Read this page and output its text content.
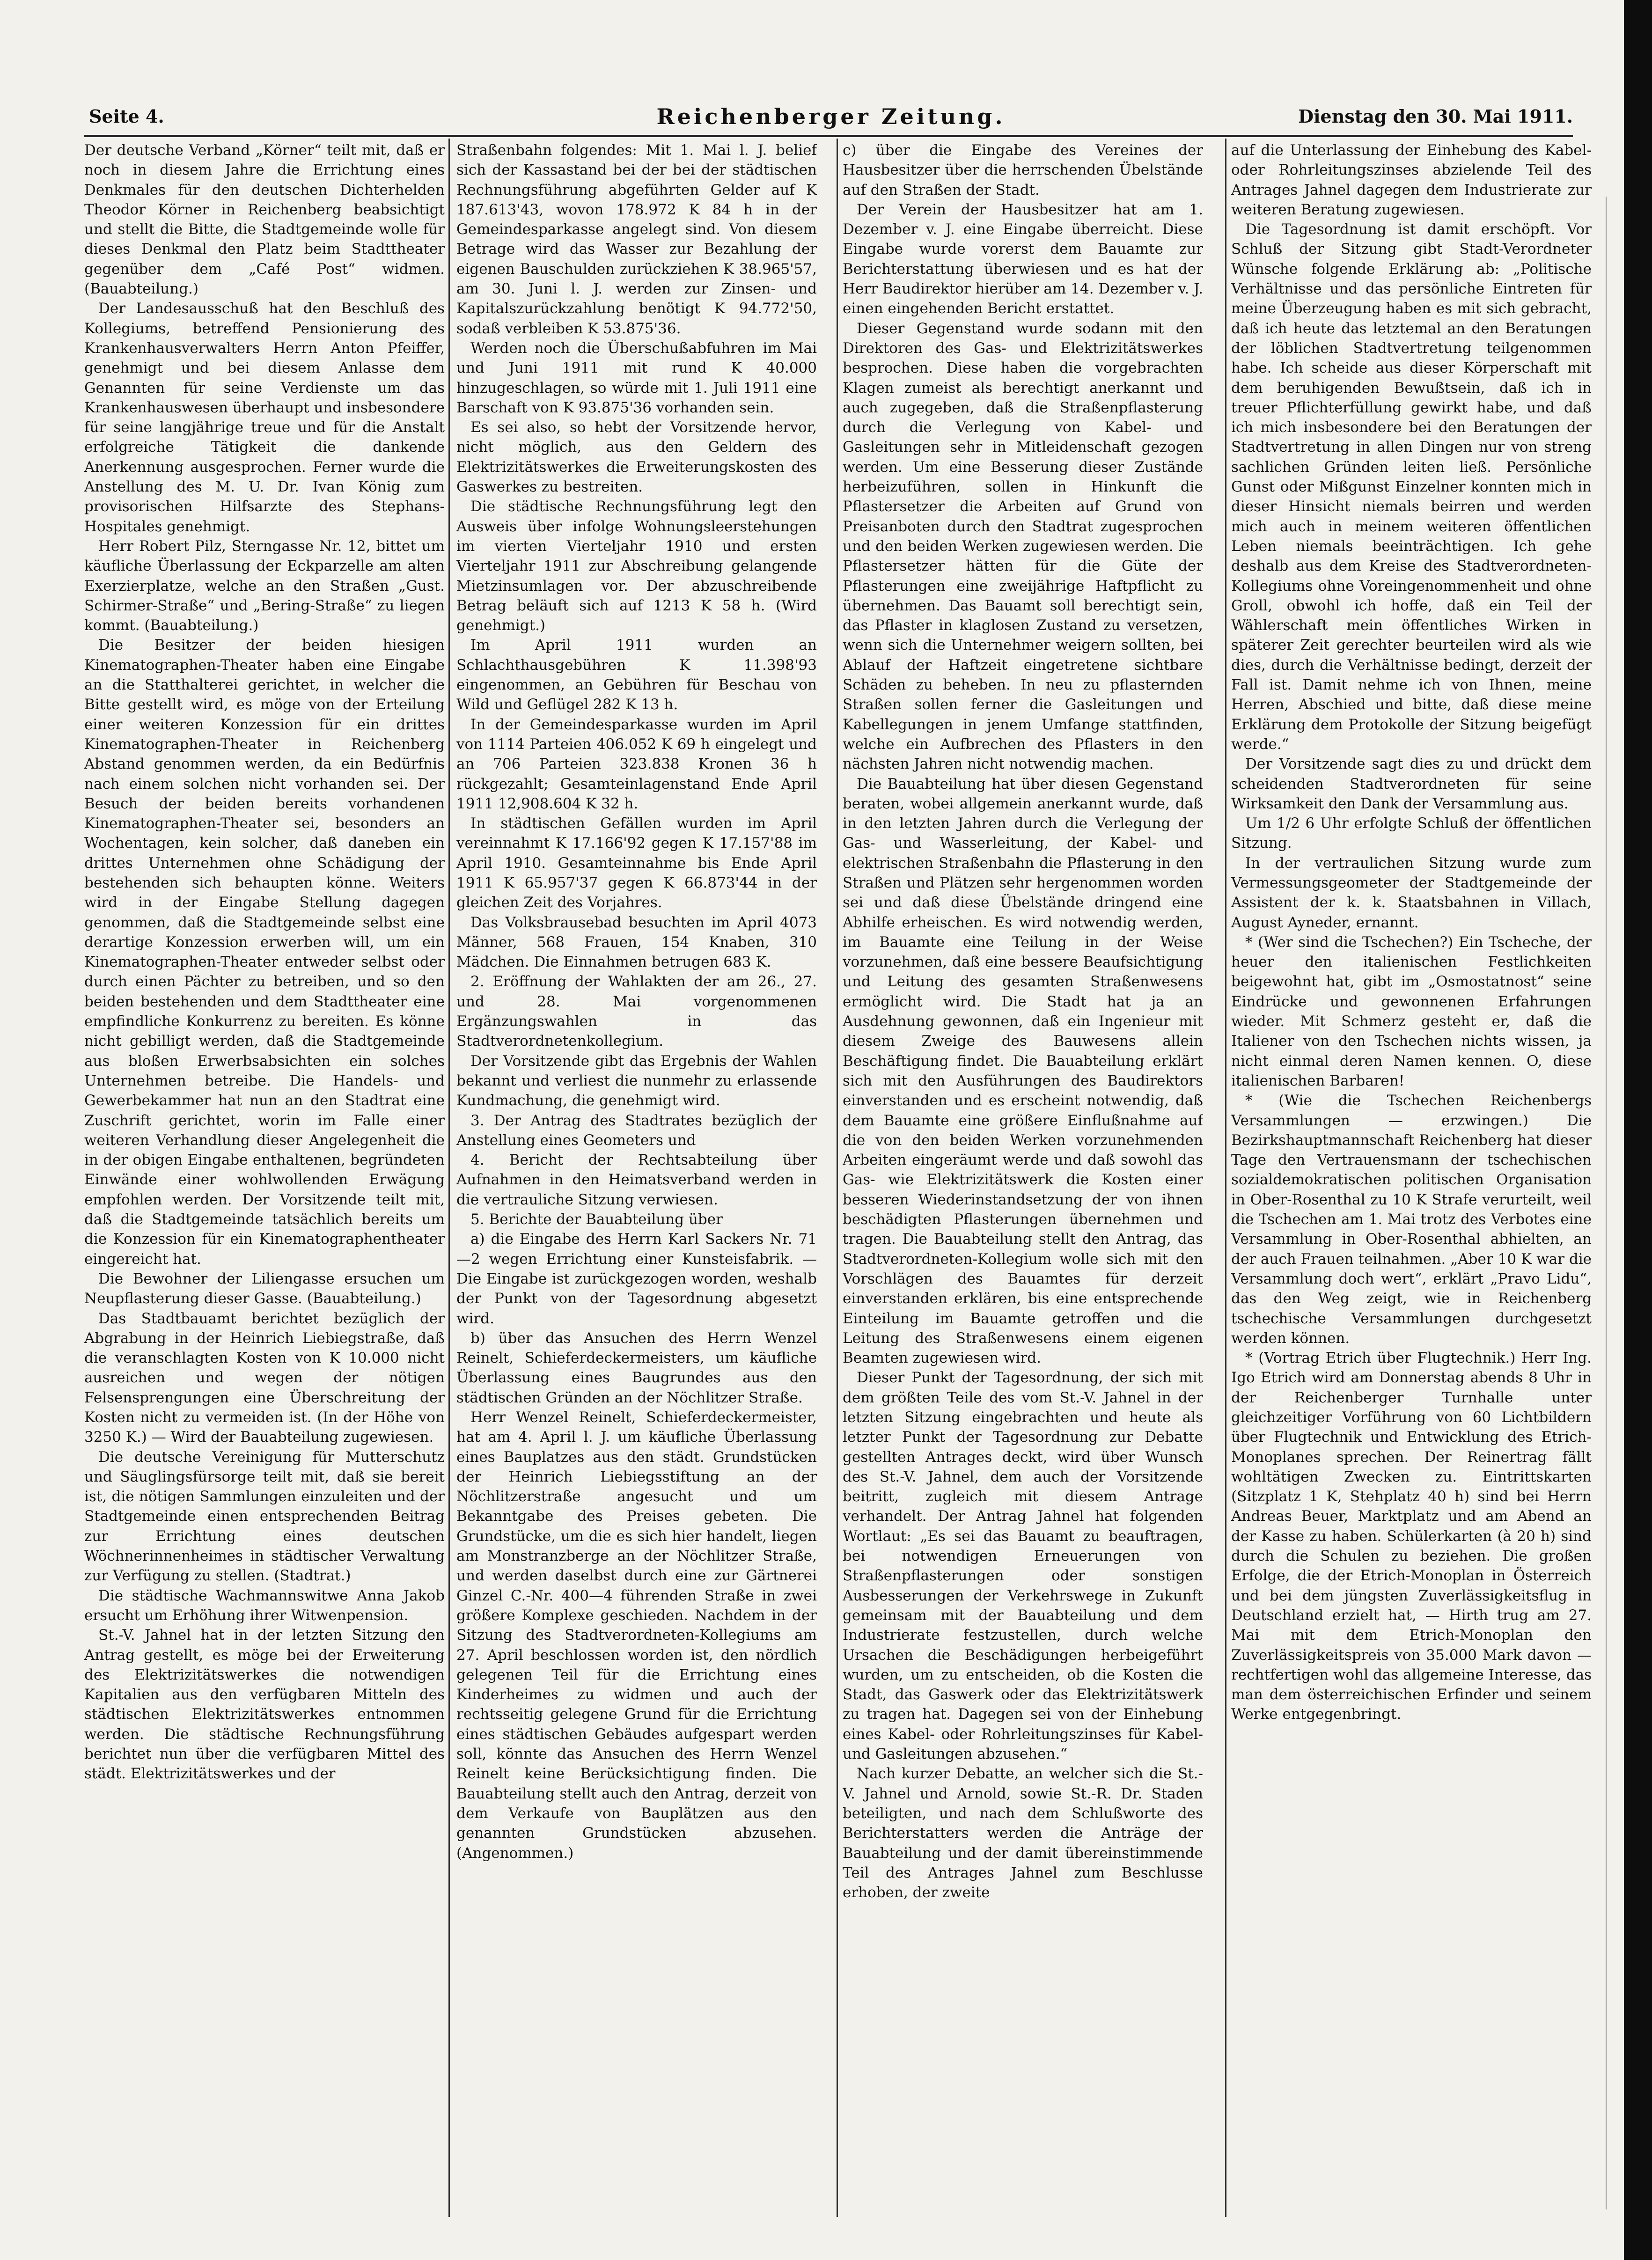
Seite 4.	Reichenberger Zeitung.	Dienstag den 30. Mai 1911.

Der deutsche Verband „Körner“ teilt mit, daß er noch in diesem Jahre die Errichtung eines Denkmales für den deutschen Dichterhelden Theodor Körner in Reichenberg beabsichtigt und stellt die Bitte, die Stadtgemeinde wolle für dieses Denkmal den Platz beim Stadttheater gegenüber dem „Café Post“ widmen. (Bauabteilung.)

Der Landesausschuß hat den Beschluß des Kollegiums, betreffend Pensionierung des Krankenhausverwalters Herrn Anton Pfeiffer, genehmigt und bei diesem Anlasse dem Genannten für seine Verdienste um das Krankenhauswesen überhaupt und insbesondere für seine langjährige treue und für die Anstalt erfolgreiche Tätigkeit die dankende Anerkennung ausgesprochen. Ferner wurde die Anstellung des M. U. Dr. Ivan König zum provisorischen Hilfsarzte des Stephans-Hospitales genehmigt.

Herr Robert Pilz, Sterngasse Nr. 12, bittet um käufliche Überlassung der Eckparzelle am alten Exerzierplatze, welche an den Straßen „Gust. Schirmer-Straße“ und „Bering-Straße“ zu liegen kommt. (Bauabteilung.)

Die Besitzer der beiden hiesigen Kinematographen-Theater haben eine Eingabe an die Statthalterei gerichtet, in welcher die Bitte gestellt wird, es möge von der Erteilung einer weiteren Konzession für ein drittes Kinematographen-Theater in Reichenberg Abstand genommen werden, da ein Bedürfnis nach einem solchen nicht vorhanden sei. Der Besuch der beiden bereits vorhandenen Kinematographen-Theater sei, besonders an Wochentagen, kein solcher, daß daneben ein drittes Unternehmen ohne Schädigung der bestehenden sich behaupten könne. Weiters wird in der Eingabe Stellung dagegen genommen, daß die Stadtgemeinde selbst eine derartige Konzession erwerben will, um ein Kinematographen-Theater entweder selbst oder durch einen Pächter zu betreiben, und so den beiden bestehenden und dem Stadttheater eine empfindliche Konkurrenz zu bereiten. Es könne nicht gebilligt werden, daß die Stadtgemeinde aus bloßen Erwerbsabsichten ein solches Unternehmen betreibe. Die Handels- und Gewerbekammer hat nun an den Stadtrat eine Zuschrift gerichtet, worin im Falle einer weiteren Verhandlung dieser Angelegenheit die in der obigen Eingabe enthaltenen, begründeten Einwände einer wohlwollenden Erwägung empfohlen werden. Der Vorsitzende teilt mit, daß die Stadtgemeinde tatsächlich bereits um die Konzession für ein Kinematographentheater eingereicht hat.

Die Bewohner der Liliengasse ersuchen um Neupflasterung dieser Gasse. (Bauabteilung.)

Das Stadtbauamt berichtet bezüglich der Abgrabung in der Heinrich Liebiegstraße, daß die veranschlagten Kosten von K 10.000 nicht ausreichen und wegen der nötigen Felsensprengungen eine Überschreitung der Kosten nicht zu vermeiden ist. (In der Höhe von 3250 K.) — Wird der Bauabteilung zugewiesen.

Die deutsche Vereinigung für Mutterschutz und Säuglingsfürsorge teilt mit, daß sie bereit ist, die nötigen Sammlungen einzuleiten und der Stadtgemeinde einen entsprechenden Beitrag zur Errichtung eines deutschen Wöchnerinnenheimes in städtischer Verwaltung zur Verfügung zu stellen. (Stadtrat.)

Die städtische Wachmannswitwe Anna Jakob ersucht um Erhöhung ihrer Witwenpension.

St.-V. Jahnel hat in der letzten Sitzung den Antrag gestellt, es möge bei der Erweiterung des Elektrizitätswerkes die notwendigen Kapitalien aus den verfügbaren Mitteln des städtischen Elektrizitätswerkes entnommen werden. Die städtische Rechnungsführung berichtet nun über die verfügbaren Mittel des städt. Elektrizitätswerkes und der

Straßenbahn folgendes: Mit 1. Mai l. J. belief sich der Kassastand bei der bei der städtischen Rechnungsführung abgeführten Gelder auf K 187.613'43, wovon 178.972 K 84 h in der Gemeindesparkasse angelegt sind. Von diesem Betrage wird das Wasser zur Bezahlung der eigenen Bauschulden zurückziehen K 38.965'57, am 30. Juni l. J. werden zur Zinsen- und Kapitalszurückzahlung benötigt K 94.772'50, sodaß verbleiben K 53.875'36.

Werden noch die Überschußabfuhren im Mai und Juni 1911 mit rund K 40.000 hinzugeschlagen, so würde mit 1. Juli 1911 eine Barschaft von K 93.875'36 vorhanden sein.

Es sei also, so hebt der Vorsitzende hervor, nicht möglich, aus den Geldern des Elektrizitätswerkes die Erweiterungskosten des Gaswerkes zu bestreiten.

Die städtische Rechnungsführung legt den Ausweis über infolge Wohnungsleerstehungen im vierten Vierteljahr 1910 und ersten Vierteljahr 1911 zur Abschreibung gelangende Mietzinsumlagen vor. Der abzuschreibende Betrag beläuft sich auf 1213 K 58 h. (Wird genehmigt.)

Im April 1911 wurden an Schlachthausgebühren K 11.398'93 eingenommen, an Gebühren für Beschau von Wild und Geflügel 282 K 13 h.

In der Gemeindesparkasse wurden im April von 1114 Parteien 406.052 K 69 h eingelegt und an 706 Parteien 323.838 Kronen 36 h rückgezahlt; Gesamteinlagenstand Ende April 1911 12,908.604 K 32 h.

In städtischen Gefällen wurden im April vereinnahmt K 17.166'92 gegen K 17.157'88 im April 1910. Gesamteinnahme bis Ende April 1911 K 65.957'37 gegen K 66.873'44 in der gleichen Zeit des Vorjahres.

Das Volksbrausebad besuchten im April 4073 Männer, 568 Frauen, 154 Knaben, 310 Mädchen. Die Einnahmen betrugen 683 K.

2. Eröffnung der Wahlakten der am 26., 27. und 28. Mai vorgenommenen Ergänzungswahlen in das Stadtverordnetenkollegium.

Der Vorsitzende gibt das Ergebnis der Wahlen bekannt und verliest die nunmehr zu erlassende Kundmachung, die genehmigt wird.

3. Der Antrag des Stadtrates bezüglich der Anstellung eines Geometers und

4. Bericht der Rechtsabteilung über Aufnahmen in den Heimatsverband werden in die vertrauliche Sitzung verwiesen.

5. Berichte der Bauabteilung über

a) die Eingabe des Herrn Karl Sackers Nr. 71—2 wegen Errichtung einer Kunsteisfabrik. — Die Eingabe ist zurückgezogen worden, weshalb der Punkt von der Tagesordnung abgesetzt wird.

b) über das Ansuchen des Herrn Wenzel Reinelt, Schieferdeckermeisters, um käufliche Überlassung eines Baugrundes aus den städtischen Gründen an der Nöchlitzer Straße.

Herr Wenzel Reinelt, Schieferdeckermeister, hat am 4. April l. J. um käufliche Überlassung eines Bauplatzes aus den städt. Grundstücken der Heinrich Liebiegsstiftung an der Nöchlitzerstraße angesucht und um Bekanntgabe des Preises gebeten. Die Grundstücke, um die es sich hier handelt, liegen am Monstranzberge an der Nöchlitzer Straße, und werden daselbst durch eine zur Gärtnerei Ginzel C.-Nr. 400—4 führenden Straße in zwei größere Komplexe geschieden. Nachdem in der Sitzung des Stadtverordneten-Kollegiums am 27. April beschlossen worden ist, den nördlich gelegenen Teil für die Errichtung eines Kinderheimes zu widmen und auch der rechtsseitig gelegene Grund für die Errichtung eines städtischen Gebäudes aufgespart werden soll, könnte das Ansuchen des Herrn Wenzel Reinelt keine Berücksichtigung finden. Die Bauabteilung stellt auch den Antrag, derzeit von dem Verkaufe von Bauplätzen aus den genannten Grundstücken abzusehen. (Angenommen.)

c) über die Eingabe des Vereines der Hausbesitzer über die herrschenden Übelstände auf den Straßen der Stadt.

Der Verein der Hausbesitzer hat am 1. Dezember v. J. eine Eingabe überreicht. Diese Eingabe wurde vorerst dem Bauamte zur Berichterstattung überwiesen und es hat der Herr Baudirektor hierüber am 14. Dezember v. J. einen eingehenden Bericht erstattet.

Dieser Gegenstand wurde sodann mit den Direktoren des Gas- und Elektrizitätswerkes besprochen. Diese haben die vorgebrachten Klagen zumeist als berechtigt anerkannt und auch zugegeben, daß die Straßenpflasterung durch die Verlegung von Kabel- und Gasleitungen sehr in Mitleidenschaft gezogen werden. Um eine Besserung dieser Zustände herbeizuführen, sollen in Hinkunft die Pflastersetzer die Arbeiten auf Grund von Preisanboten durch den Stadtrat zugesprochen und den beiden Werken zugewiesen werden. Die Pflastersetzer hätten für die Güte der Pflasterungen eine zweijährige Haftpflicht zu übernehmen. Das Bauamt soll berechtigt sein, das Pflaster in klaglosen Zustand zu versetzen, wenn sich die Unternehmer weigern sollten, bei Ablauf der Haftzeit eingetretene sichtbare Schäden zu beheben. In neu zu pflasternden Straßen sollen ferner die Gasleitungen und Kabellegungen in jenem Umfange stattfinden, welche ein Aufbrechen des Pflasters in den nächsten Jahren nicht notwendig machen.

Die Bauabteilung hat über diesen Gegenstand beraten, wobei allgemein anerkannt wurde, daß in den letzten Jahren durch die Verlegung der Gas- und Wasserleitung, der Kabel- und elektrischen Straßenbahn die Pflasterung in den Straßen und Plätzen sehr hergenommen worden sei und daß diese Übelstände dringend eine Abhilfe erheischen. Es wird notwendig werden, im Bauamte eine Teilung in der Weise vorzunehmen, daß eine bessere Beaufsichtigung und Leitung des gesamten Straßenwesens ermöglicht wird. Die Stadt hat ja an Ausdehnung gewonnen, daß ein Ingenieur mit diesem Zweige des Bauwesens allein Beschäftigung findet. Die Bauabteilung erklärt sich mit den Ausführungen des Baudirektors einverstanden und es erscheint notwendig, daß dem Bauamte eine größere Einflußnahme auf die von den beiden Werken vorzunehmenden Arbeiten eingeräumt werde und daß sowohl das Gas- wie Elektrizitätswerk die Kosten einer besseren Wiederinstandsetzung der von ihnen beschädigten Pflasterungen übernehmen und tragen. Die Bauabteilung stellt den Antrag, das Stadtverordneten-Kollegium wolle sich mit den Vorschlägen des Bauamtes für derzeit einverstanden erklären, bis eine entsprechende Einteilung im Bauamte getroffen und die Leitung des Straßenwesens einem eigenen Beamten zugewiesen wird.

Dieser Punkt der Tagesordnung, der sich mit dem größten Teile des vom St.-V. Jahnel in der letzten Sitzung eingebrachten und heute als letzter Punkt der Tagesordnung zur Debatte gestellten Antrages deckt, wird über Wunsch des St.-V. Jahnel, dem auch der Vorsitzende beitritt, zugleich mit diesem Antrage verhandelt. Der Antrag Jahnel hat folgenden Wortlaut: „Es sei das Bauamt zu beauftragen, bei notwendigen Erneuerungen von Straßenpflasterungen oder sonstigen Ausbesserungen der Verkehrswege in Zukunft gemeinsam mit der Bauabteilung und dem Industrierate festzustellen, durch welche Ursachen die Beschädigungen herbeigeführt wurden, um zu entscheiden, ob die Kosten die Stadt, das Gaswerk oder das Elektrizitätswerk zu tragen hat. Dagegen sei von der Einhebung eines Kabel- oder Rohrleitungszinses für Kabel- und Gasleitungen abzusehen.“

Nach kurzer Debatte, an welcher sich die St.-V. Jahnel und Arnold, sowie St.-R. Dr. Staden beteiligten, und nach dem Schlußworte des Berichterstatters werden die Anträge der Bauabteilung und der damit übereinstimmende Teil des Antrages Jahnel zum Beschlusse erhoben, der zweite

auf die Unterlassung der Einhebung des Kabel- oder Rohrleitungszinses abzielende Teil des Antrages Jahnel dagegen dem Industrierate zur weiteren Beratung zugewiesen.

Die Tagesordnung ist damit erschöpft. Vor Schluß der Sitzung gibt Stadt-Verordneter Wünsche folgende Erklärung ab: „Politische Verhältnisse und das persönliche Eintreten für meine Überzeugung haben es mit sich gebracht, daß ich heute das letztemal an den Beratungen der löblichen Stadtvertretung teilgenommen habe. Ich scheide aus dieser Körperschaft mit dem beruhigenden Bewußtsein, daß ich in treuer Pflichterfüllung gewirkt habe, und daß ich mich insbesondere bei den Beratungen der Stadtvertretung in allen Dingen nur von streng sachlichen Gründen leiten ließ. Persönliche Gunst oder Mißgunst Einzelner konnten mich in dieser Hinsicht niemals beirren und werden mich auch in meinem weiteren öffentlichen Leben niemals beeinträchtigen. Ich gehe deshalb aus dem Kreise des Stadtverordneten-Kollegiums ohne Voreingenommenheit und ohne Groll, obwohl ich hoffe, daß ein Teil der Wählerschaft mein öffentliches Wirken in späterer Zeit gerechter beurteilen wird als wie dies, durch die Verhältnisse bedingt, derzeit der Fall ist. Damit nehme ich von Ihnen, meine Herren, Abschied und bitte, daß diese meine Erklärung dem Protokolle der Sitzung beigefügt werde.“

Der Vorsitzende sagt dies zu und drückt dem scheidenden Stadtverordneten für seine Wirksamkeit den Dank der Versammlung aus.

Um 1/2 6 Uhr erfolgte Schluß der öffentlichen Sitzung.

In der vertraulichen Sitzung wurde zum Vermessungsgeometer der Stadtgemeinde der Assistent der k. k. Staatsbahnen in Villach, August Ayneder, ernannt.

* (Wer sind die Tschechen?) Ein Tscheche, der heuer den italienischen Festlichkeiten beigewohnt hat, gibt im „Osmostatnost“ seine Eindrücke und gewonnenen Erfahrungen wieder. Mit Schmerz gesteht er, daß die Italiener von den Tschechen nichts wissen, ja nicht einmal deren Namen kennen. O, diese italienischen Barbaren!

* (Wie die Tschechen Reichenbergs Versammlungen — erzwingen.) Die Bezirkshauptmannschaft Reichenberg hat dieser Tage den Vertrauensmann der tschechischen sozialdemokratischen politischen Organisation in Ober-Rosenthal zu 10 K Strafe verurteilt, weil die Tschechen am 1. Mai trotz des Verbotes eine Versammlung in Ober-Rosenthal abhielten, an der auch Frauen teilnahmen. „Aber 10 K war die Versammlung doch wert“, erklärt „Pravo Lidu“, das den Weg zeigt, wie in Reichenberg tschechische Versammlungen durchgesetzt werden können.

* (Vortrag Etrich über Flugtechnik.) Herr Ing. Igo Etrich wird am Donnerstag abends 8 Uhr in der Reichenberger Turnhalle unter gleichzeitiger Vorführung von 60 Lichtbildern über Flugtechnik und Entwicklung des Etrich-Monoplanes sprechen. Der Reinertrag fällt wohltätigen Zwecken zu. Eintrittskarten (Sitzplatz 1 K, Stehplatz 40 h) sind bei Herrn Andreas Beuer, Marktplatz und am Abend an der Kasse zu haben. Schülerkarten (à 20 h) sind durch die Schulen zu beziehen. Die großen Erfolge, die der Etrich-Monoplan in Österreich und bei dem jüngsten Zuverlässigkeitsflug in Deutschland erzielt hat, — Hirth trug am 27. Mai mit dem Etrich-Monoplan den Zuverlässigkeitspreis von 35.000 Mark davon — rechtfertigen wohl das allgemeine Interesse, das man dem österreichischen Erfinder und seinem Werke entgegenbringt.
